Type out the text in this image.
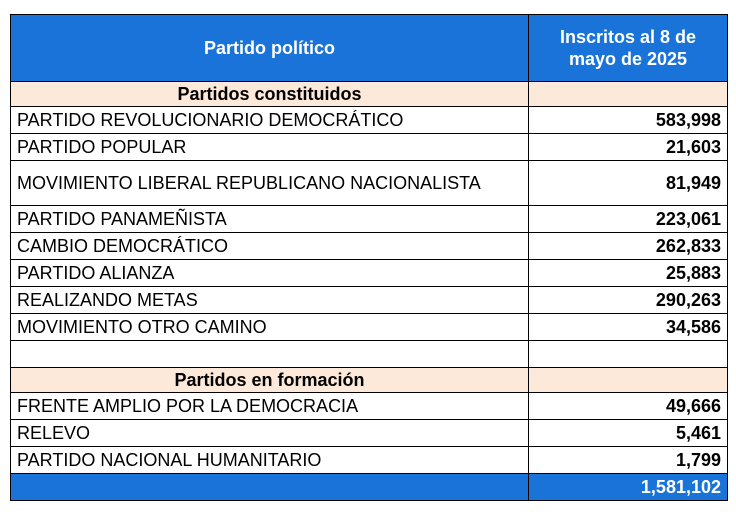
Partido político	Inscritos al 8 de mayo de 2025
Partidos constituidos	
PARTIDO REVOLUCIONARIO DEMOCRÁTICO	583,998
PARTIDO POPULAR	21,603
MOVIMIENTO LIBERAL REPUBLICANO NACIONALISTA	81,949
PARTIDO PANAMEÑISTA	223,061
CAMBIO DEMOCRÁTICO	262,833
PARTIDO ALIANZA	25,883
REALIZANDO METAS	290,263
MOVIMIENTO OTRO CAMINO	34,586

Partidos en formación	
FRENTE AMPLIO POR LA DEMOCRACIA	49,666
RELEVO	5,461
PARTIDO NACIONAL HUMANITARIO	1,799
	1,581,102
